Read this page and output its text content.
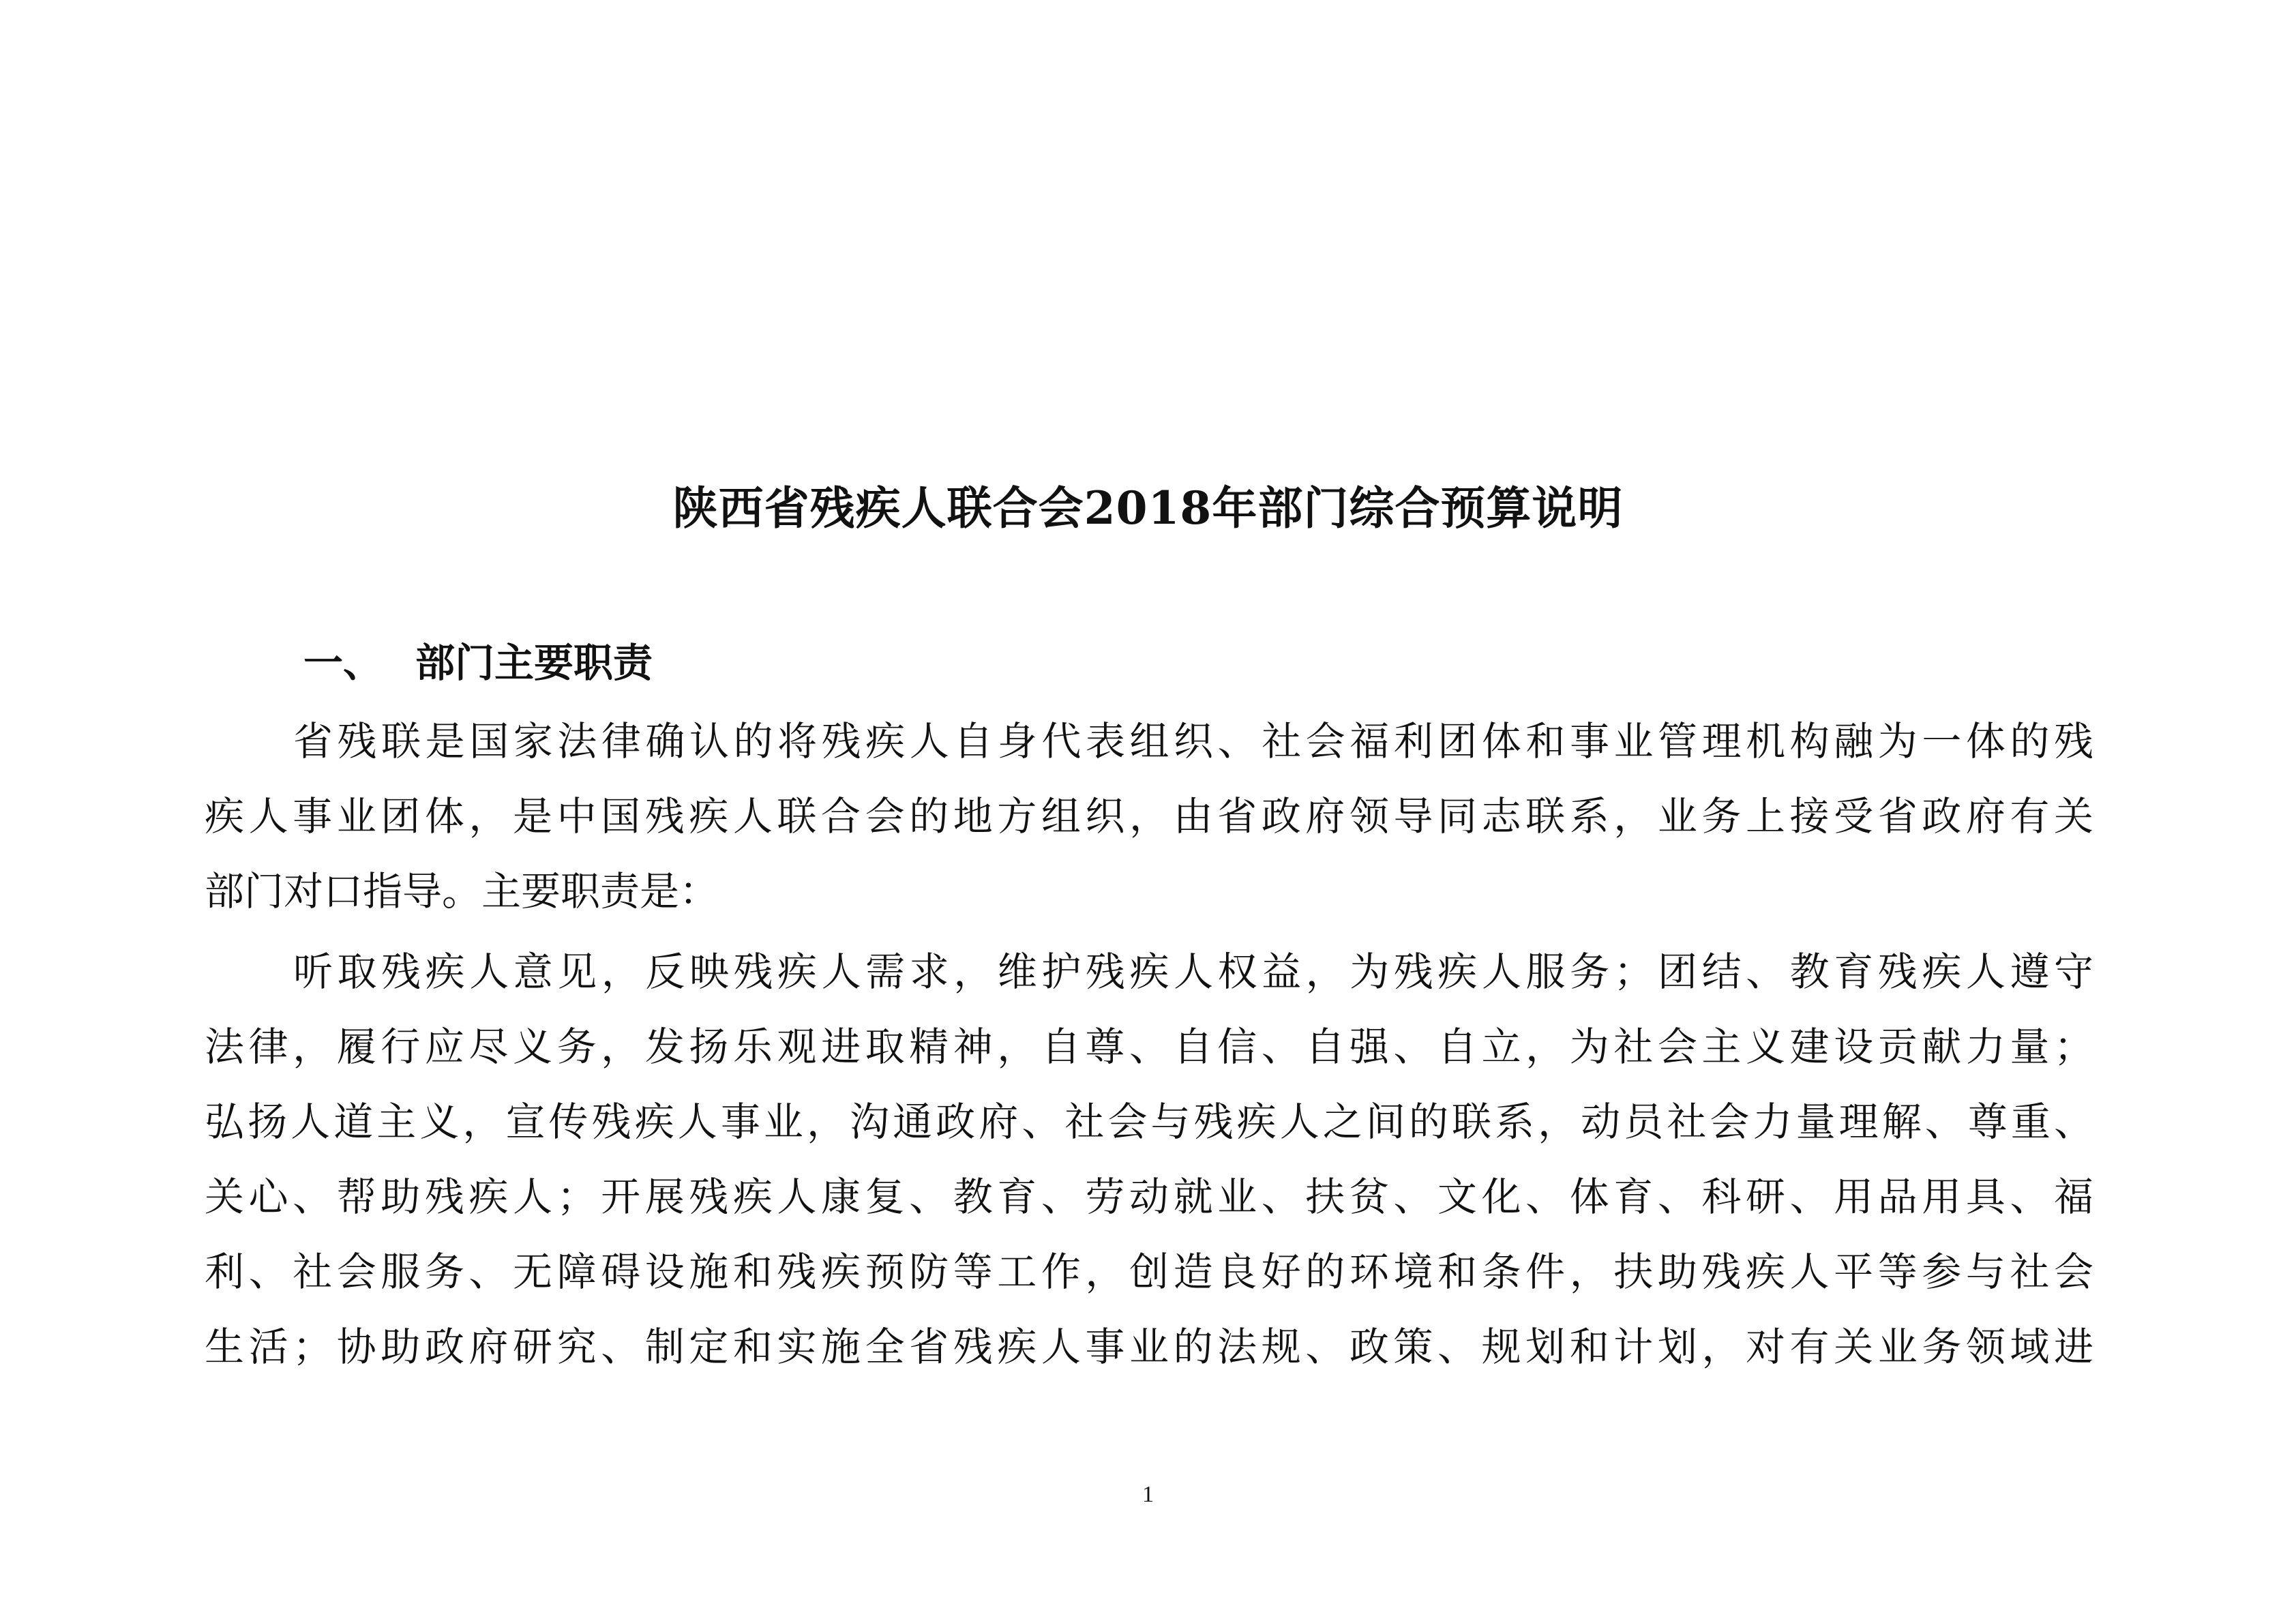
陕西省残疾人联合会2018年部门综合预算说明
一、 部门主要职责
省残联是国家法律确认的将残疾人自身代表组织、社会福利团体和事业管理机构融为一体的残
疾人事业团体，是中国残疾人联合会的地方组织，由省政府领导同志联系，业务上接受省政府有关
部门对口指导。主要职责是：
听取残疾人意见，反映残疾人需求，维护残疾人权益，为残疾人服务；团结、教育残疾人遵守
法律，履行应尽义务，发扬乐观进取精神，自尊、自信、自强、自立，为社会主义建设贡献力量；
弘扬人道主义，宣传残疾人事业，沟通政府、社会与残疾人之间的联系，动员社会力量理解、尊重、
关心、帮助残疾人；开展残疾人康复、教育、劳动就业、扶贫、文化、体育、科研、用品用具、福
利、社会服务、无障碍设施和残疾预防等工作，创造良好的环境和条件，扶助残疾人平等参与社会
生活；协助政府研究、制定和实施全省残疾人事业的法规、政策、规划和计划，对有关业务领域进
1
